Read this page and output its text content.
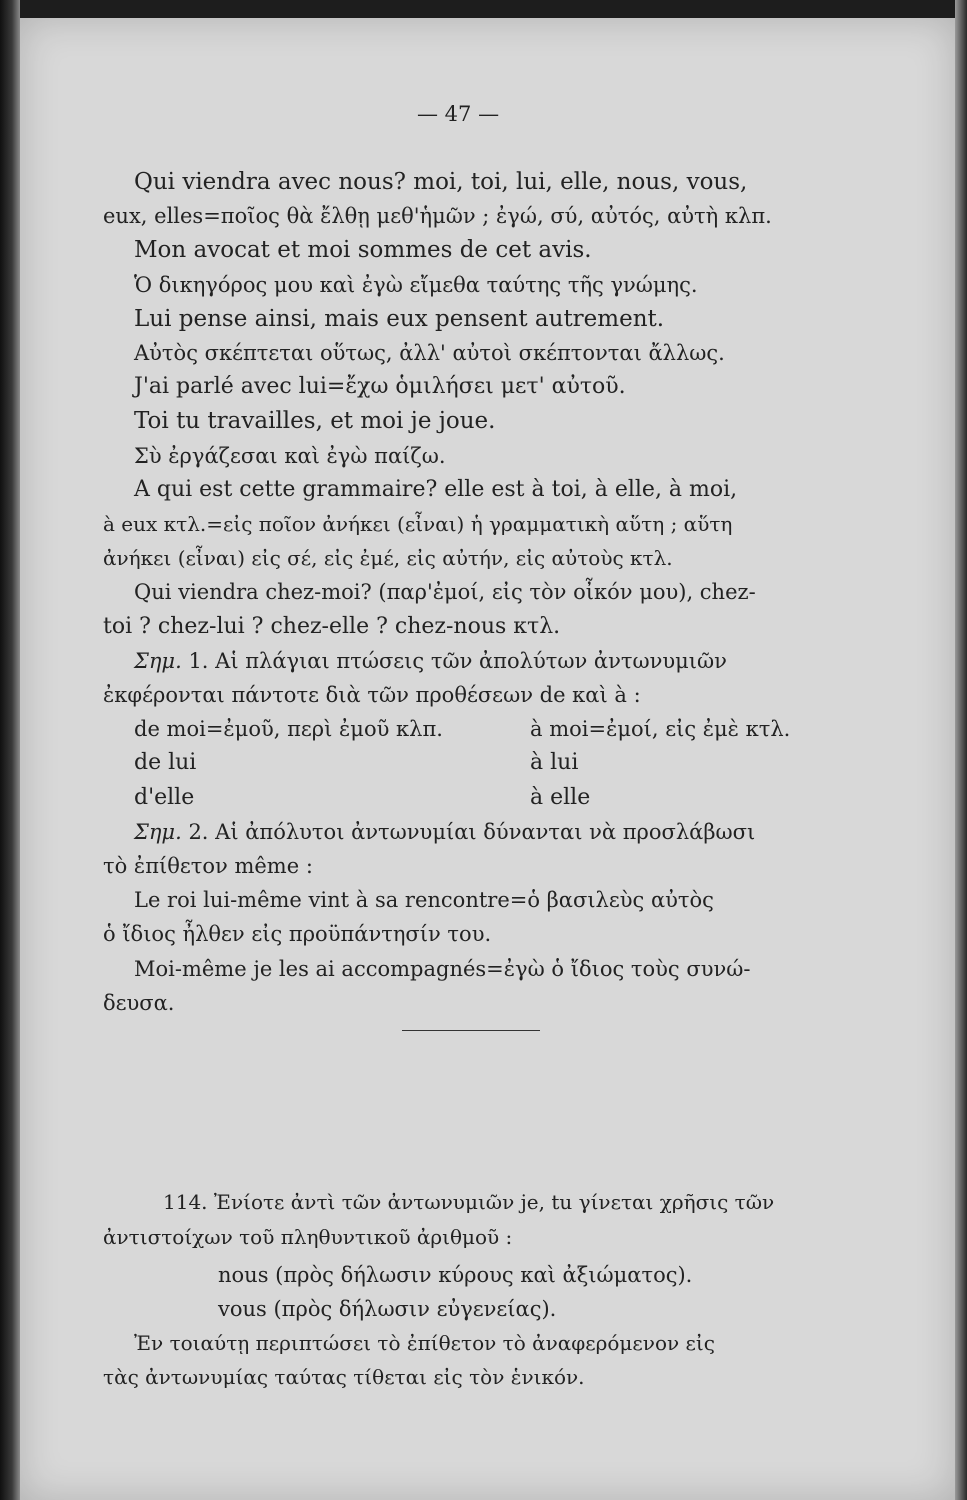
— 47 —
Qui viendra avec nous? moi, toi, lui, elle, nous, vous,
eux, elles=ποῖος θὰ ἔλθῃ μεθ'ἡμῶν ; ἐγώ, σύ, αὐτός, αὐτὴ κλπ.
Mon avocat et moi sommes de cet avis.
Ὁ δικηγόρος μου καὶ ἐγὼ εἴμεθα ταύτης τῆς γνώμης.
Lui pense ainsi, mais eux pensent autrement.
Αὐτὸς σκέπτεται οὕτως, ἀλλ' αὐτοὶ σκέπτονται ἄλλως.
J'ai parlé avec lui=ἔχω ὁμιλήσει μετ' αὐτοῦ.
Toi tu travailles, et moi je joue.
Σὺ ἐργάζεσαι καὶ ἐγὼ παίζω.
A qui est cette grammaire? elle est à toi, à elle, à moi,
à eux κτλ.=εἰς ποῖον ἀνήκει (εἶναι) ἡ γραμματικὴ αὕτη ; αὕτη
ἀνήκει (εἶναι) εἰς σέ, εἰς ἐμέ, εἰς αὐτήν, εἰς αὐτοὺς κτλ.
Qui viendra chez-moi? (παρ'ἐμοί, εἰς τὸν οἶκόν μου), chez-
toi ? chez-lui ? chez-elle ? chez-nous κτλ.
Σημ. 1. Αἱ πλάγιαι πτώσεις τῶν ἀπολύτων ἀντωνυμιῶν
ἐκφέρονται πάντοτε διὰ τῶν προθέσεων de καὶ à :
de moi=ἐμοῦ, περὶ ἐμοῦ κλπ.	à moi=ἐμοί, εἰς ἐμὲ κτλ.
de lui	à lui
d'elle	à elle
Σημ. 2. Αἱ ἀπόλυτοι ἀντωνυμίαι δύνανται νὰ προσλάβωσι
τὸ ἐπίθετον même :
Le roi lui-même vint à sa rencontre=ὁ βασιλεὺς αὐτὸς
ὁ ἴδιος ἦλθεν εἰς προϋπάντησίν του.
Moi-même je les ai accompagnés=ἐγὼ ὁ ἴδιος τοὺς συνώ-
δευσα.
114. Ἐνίοτε ἀντὶ τῶν ἀντωνυμιῶν je, tu γίνεται χρῆσις τῶν
ἀντιστοίχων τοῦ πληθυντικοῦ ἀριθμοῦ :
nous (πρὸς δήλωσιν κύρους καὶ ἀξιώματος).
vous (πρὸς δήλωσιν εὐγενείας).
Ἐν τοιαύτῃ περιπτώσει τὸ ἐπίθετον τὸ ἀναφερόμενον εἰς
τὰς ἀντωνυμίας ταύτας τίθεται εἰς τὸν ἑνικόν.
